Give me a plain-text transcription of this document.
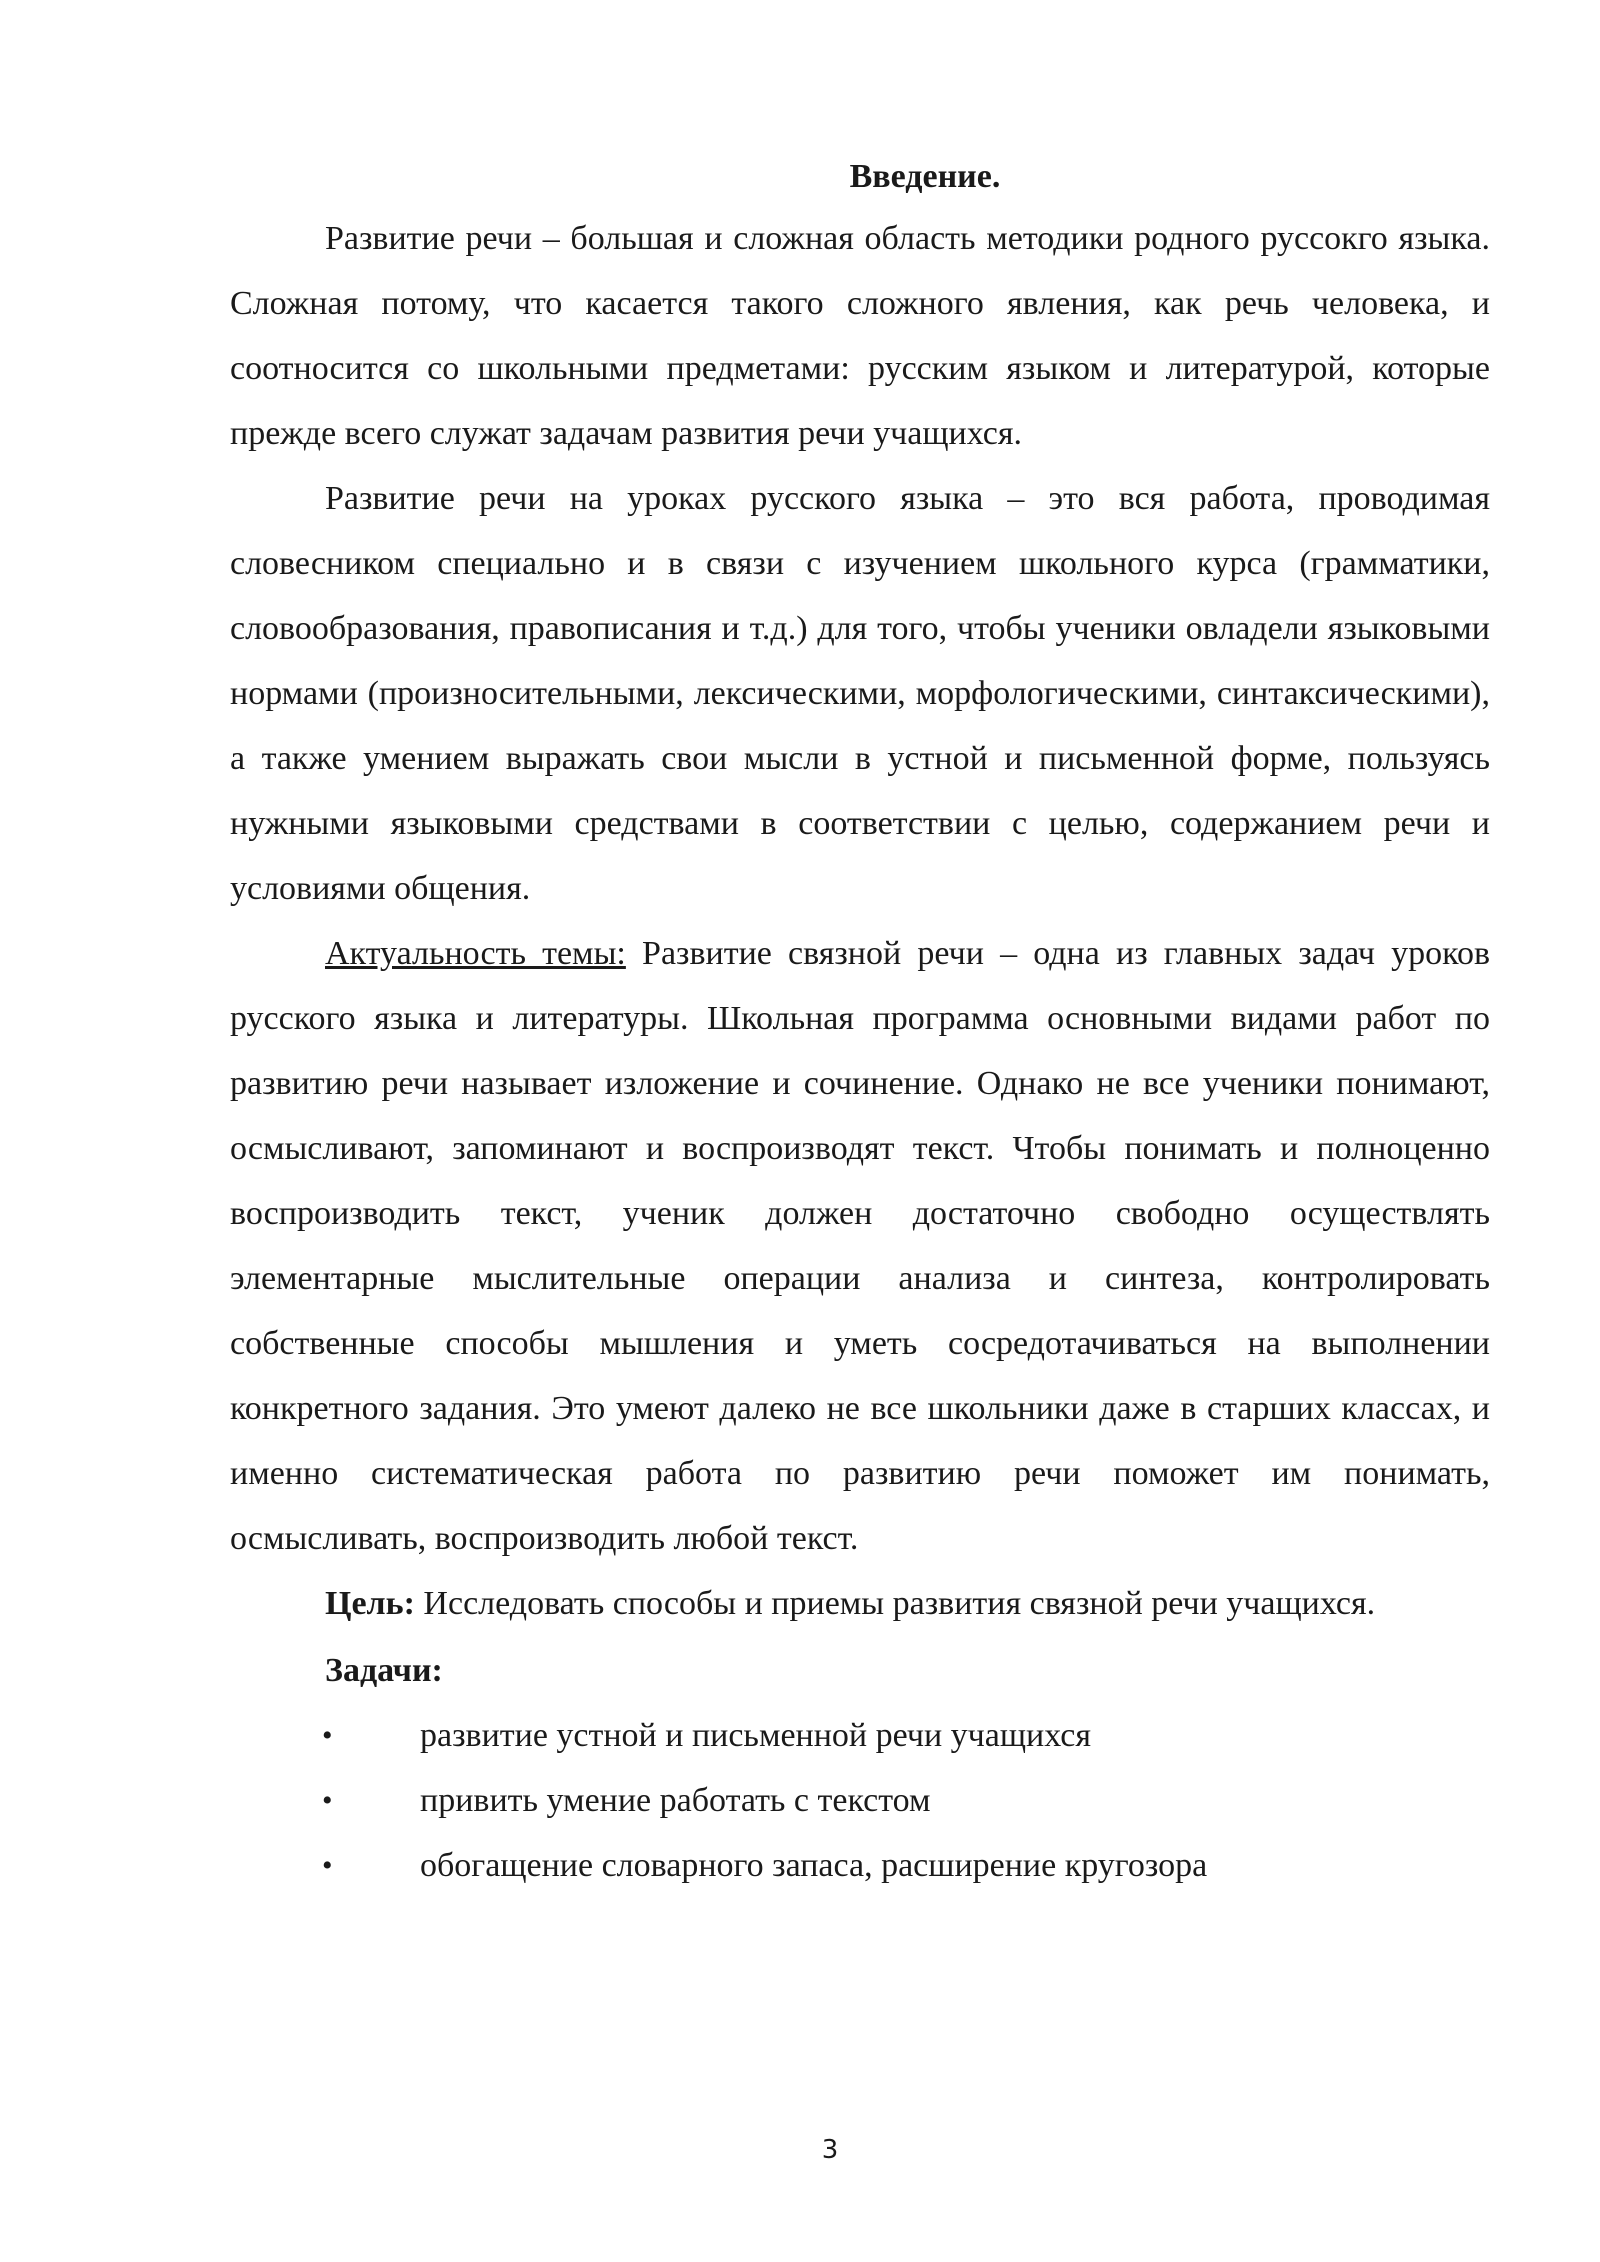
Введение.

Развитие речи – большая и сложная область методики родного руссокго языка. Сложная потому, что касается такого сложного явления, как речь человека, и соотносится со школьными предметами: русским языком и литературой, которые прежде всего служат задачам развития речи учащихся.

Развитие речи на уроках русского языка – это вся работа, проводимая словесником специально и в связи с изучением школьного курса (грамматики, словообразования, правописания и т.д.) для того, чтобы ученики овладели языковыми нормами (произносительными, лексическими, морфологическими, синтаксическими), а также умением выражать свои мысли в устной и письменной форме, пользуясь нужными языковыми средствами в соответствии с целью, содержанием речи и условиями общения.

Актуальность темы: Развитие связной речи – одна из главных задач уроков русского языка и литературы. Школьная программа основными видами работ по развитию речи называет изложение и сочинение. Однако не все ученики понимают, осмысливают, запоминают и воспроизводят текст. Чтобы понимать и полноценно воспроизводить текст, ученик должен достаточно свободно осуществлять элементарные мыслительные операции анализа и синтеза, контролировать собственные способы мышления и уметь сосредотачиваться на выполнении конкретного задания. Это умеют далеко не все школьники даже в старших классах, и именно систематическая работа по развитию речи поможет им понимать, осмысливать, воспроизводить любой текст.

Цель: Исследовать способы и приемы развития связной речи учащихся.

Задачи:
•	развитие устной и письменной речи учащихся
•	привить умение работать с текстом
•	обогащение словарного запаса, расширение кругозора
3
